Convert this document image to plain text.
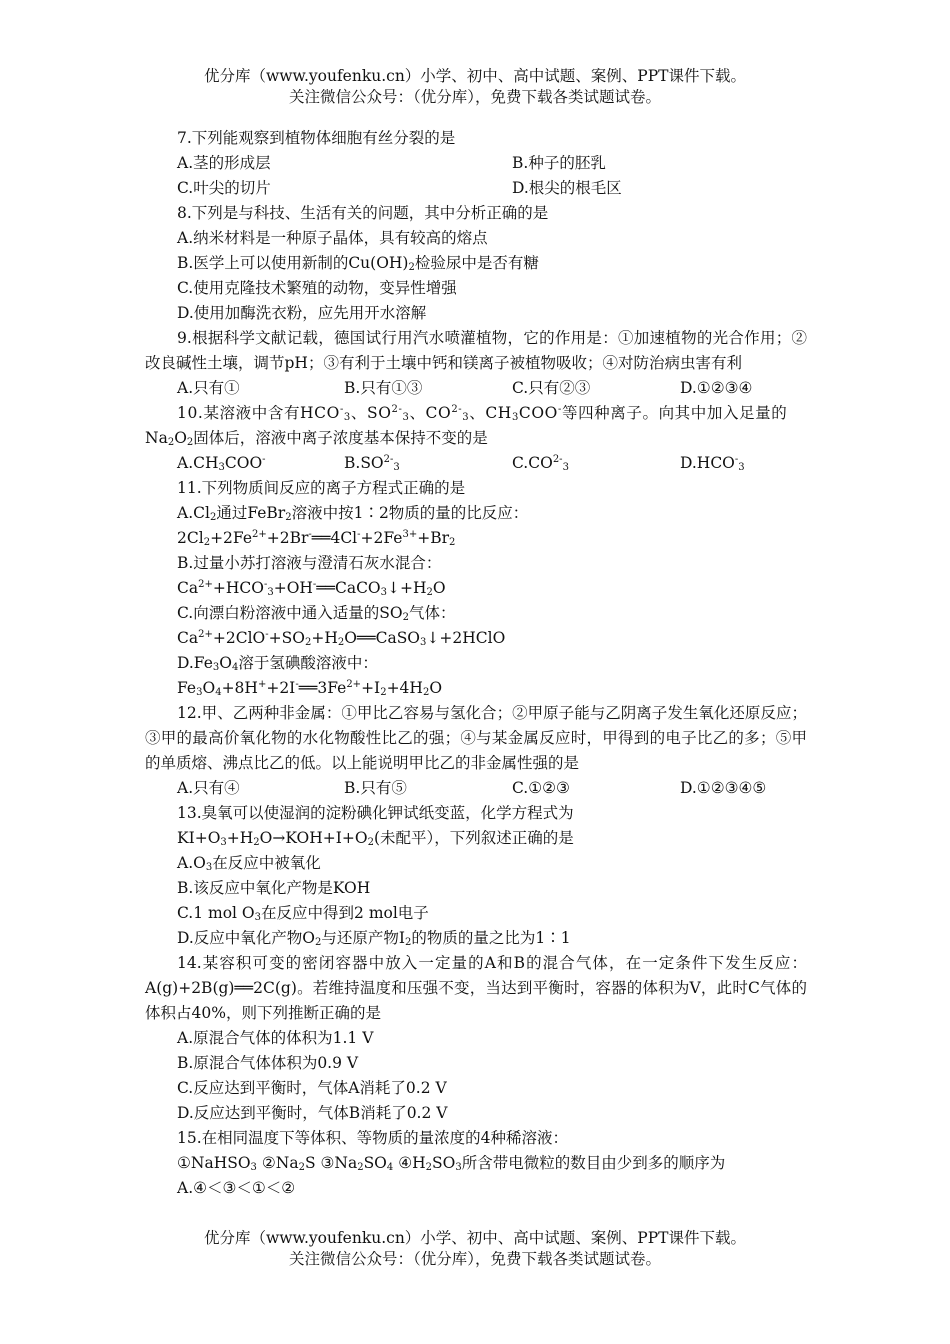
优分库（www.youfenku.cn）小学、初中、高中试题、案例、PPT课件下载。
关注微信公众号：（优分库），免费下载各类试题试卷。
7.下列能观察到植物体细胞有丝分裂的是
A.茎的形成层	B.种子的胚乳
C.叶尖的切片	D.根尖的根毛区
8.下列是与科技、生活有关的问题，其中分析正确的是
A.纳米材料是一种原子晶体，具有较高的熔点
B.医学上可以使用新制的$Cu(OH)_2$检验尿中是否有糖
C.使用克隆技术繁殖的动物，变异性增强
D.使用加酶洗衣粉，应先用开水溶解
9.根据科学文献记载，德国试行用汽水喷灌植物，它的作用是：①加速植物的光合作用；②改良碱性土壤，调节pH；③有利于土壤中钙和镁离子被植物吸收；④对防治病虫害有利
A.只有①	B.只有①③	C.只有②③	D.①②③④
10.某溶液中含有$HCO^-_3$、$SO^{2-}_3$、$CO^{2-}_3$、$CH_3COO^-$等四种离子。向其中加入足量的
$Na_2O_2$固体后，溶液中离子浓度基本保持不变的是
$A.CH_3COO^-$	$B.SO^{2-}_3$	$C.CO^{2-}_3$	$D.HCO^-_3$
11.下列物质间反应的离子方程式正确的是
$A.Cl_2$通过FeBr$_2$溶液中按1∶2物质的量的比反应：
$2Cl_2+2Fe^{2+}+2Br^-══4Cl^-+2Fe^{3+}+Br_2$
B.过量小苏打溶液与澄清石灰水混合：
$Ca^{2+}+HCO^-_3+OH^-══CaCO_3↓+H_2O$
C.向漂白粉溶液中通入适量的$SO_2$气体：
$Ca^{2+}+2ClO^-+SO_2+H_2O══CaSO_3↓+2HClO$
$D.Fe_3O_4$溶于氢碘酸溶液中：
$Fe_3O_4+8H^++2I^-══3Fe^{2+}+I_2+4H_2O$
12.甲、乙两种非金属：①甲比乙容易与氢化合；②甲原子能与乙阴离子发生氧化还原反应；③甲的最高价氧化物的水化物酸性比乙的强；④与某金属反应时，甲得到的电子比乙的多；⑤甲的单质熔、沸点比乙的低。以上能说明甲比乙的非金属性强的是
A.只有④	B.只有⑤	C.①②③	D.①②③④⑤
13.臭氧可以使湿润的淀粉碘化钾试纸变蓝，化学方程式为
$KI+O_3+H_2O\to KOH+I+O_2$(未配平），下列叙述正确的是
$A.O_3$在反应中被氧化
B.该反应中氧化产物是KOH
C.1 mol $O_3$在反应中得到2 mol电子
D.反应中氧化产物$O_2$与还原产物$I_2$的物质的量之比为1∶1
14.某容积可变的密闭容器中放入一定量的A和B的混合气体，在一定条件下发生反应：A(g)+2B(g)══2C(g)。若维持温度和压强不变，当达到平衡时，容器的体积为V，此时C气体的体积占40%，则下列推断正确的是
A.原混合气体的体积为1.1 V
B.原混合气体体积为0.9 V
C.反应达到平衡时，气体A消耗了0.2 V
D.反应达到平衡时，气体B消耗了0.2 V
15.在相同温度下等体积、等物质的量浓度的4种稀溶液：
①NaHSO$_3$ $②Na_2S$ $③Na_2SO_4$ $④H_2SO_3$所含带电微粒的数目由少到多的顺序为
A.④＜③＜①＜②
优分库（www.youfenku.cn）小学、初中、高中试题、案例、PPT课件下载。
关注微信公众号：（优分库），免费下载各类试题试卷。
